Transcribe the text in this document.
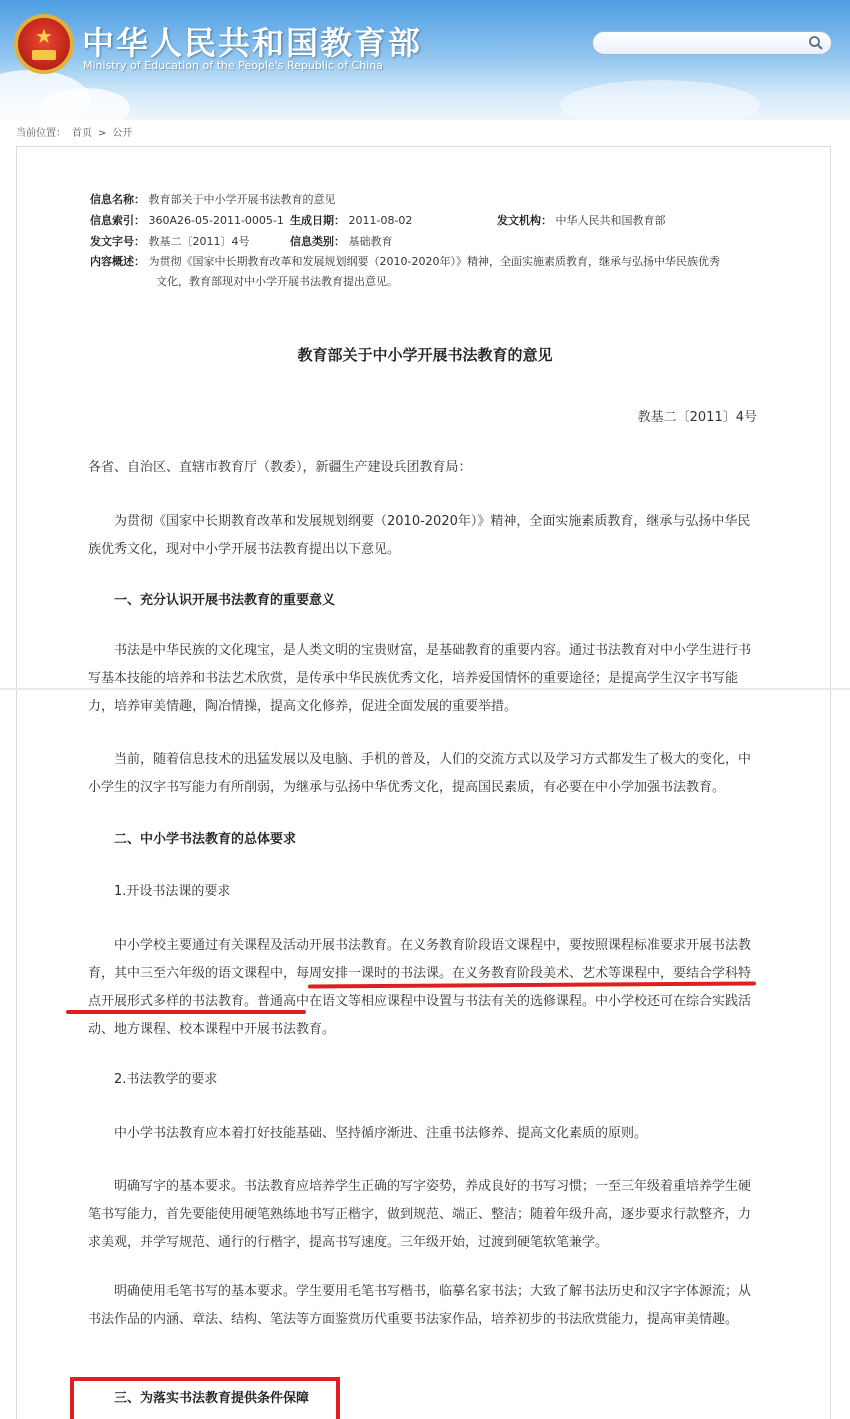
★ 中华人民共和国教育部
Ministry of Education of the People's Republic of China
当前位置： 首页 > 公开
信息名称： 教育部关于中小学开展书法教育的意见
信息索引： 360A26-05-2011-0005-1 生成日期： 2011-08-02	发文机构： 中华人民共和国教育部
发文字号： 教基二〔2011〕4号	信息类别： 基础教育
内容概述： 为贯彻《国家中长期教育改革和发展规划纲要（2010-2020年）》精神，全面实施素质教育，继承与弘扬中华民族优秀
文化，教育部现对中小学开展书法教育提出意见。
教育部关于中小学开展书法教育的意见
教基二〔2011〕4号
各省、自治区、直辖市教育厅（教委），新疆生产建设兵团教育局：
为贯彻《国家中长期教育改革和发展规划纲要（2010-2020年）》精神，全面实施素质教育，继承与弘扬中华民族优秀文化，现对中小学开展书法教育提出以下意见。
一、充分认识开展书法教育的重要意义
书法是中华民族的文化瑰宝，是人类文明的宝贵财富，是基础教育的重要内容。通过书法教育对中小学生进行书写基本技能的培养和书法艺术欣赏，是传承中华民族优秀文化，培养爱国情怀的重要途径；是提高学生汉字书写能力，培养审美情趣，陶冶情操，提高文化修养，促进全面发展的重要举措。
当前，随着信息技术的迅猛发展以及电脑、手机的普及，人们的交流方式以及学习方式都发生了极大的变化，中小学生的汉字书写能力有所削弱，为继承与弘扬中华优秀文化，提高国民素质，有必要在中小学加强书法教育。
二、中小学书法教育的总体要求
1.开设书法课的要求
中小学校主要通过有关课程及活动开展书法教育。在义务教育阶段语文课程中，要按照课程标准要求开展书法教育，其中三至六年级的语文课程中，每周安排一课时的书法课。在义务教育阶段美术、艺术等课程中，要结合学科特点开展形式多样的书法教育。普通高中在语文等相应课程中设置与书法有关的选修课程。中小学校还可在综合实践活动、地方课程、校本课程中开展书法教育。
2.书法教学的要求
中小学书法教育应本着打好技能基础、坚持循序渐进、注重书法修养、提高文化素质的原则。
明确写字的基本要求。书法教育应培养学生正确的写字姿势，养成良好的书写习惯；一至三年级着重培养学生硬笔书写能力，首先要能使用硬笔熟练地书写正楷字，做到规范、端正、整洁；随着年级升高，逐步要求行款整齐，力求美观，并学写规范、通行的行楷字，提高书写速度。三年级开始，过渡到硬笔软笔兼学。
明确使用毛笔书写的基本要求。学生要用毛笔书写楷书，临摹名家书法；大致了解书法历史和汉字字体源流；从书法作品的内涵、章法、结构、笔法等方面鉴赏历代重要书法家作品，培养初步的书法欣赏能力，提高审美情趣。
三、为落实书法教育提供条件保障
